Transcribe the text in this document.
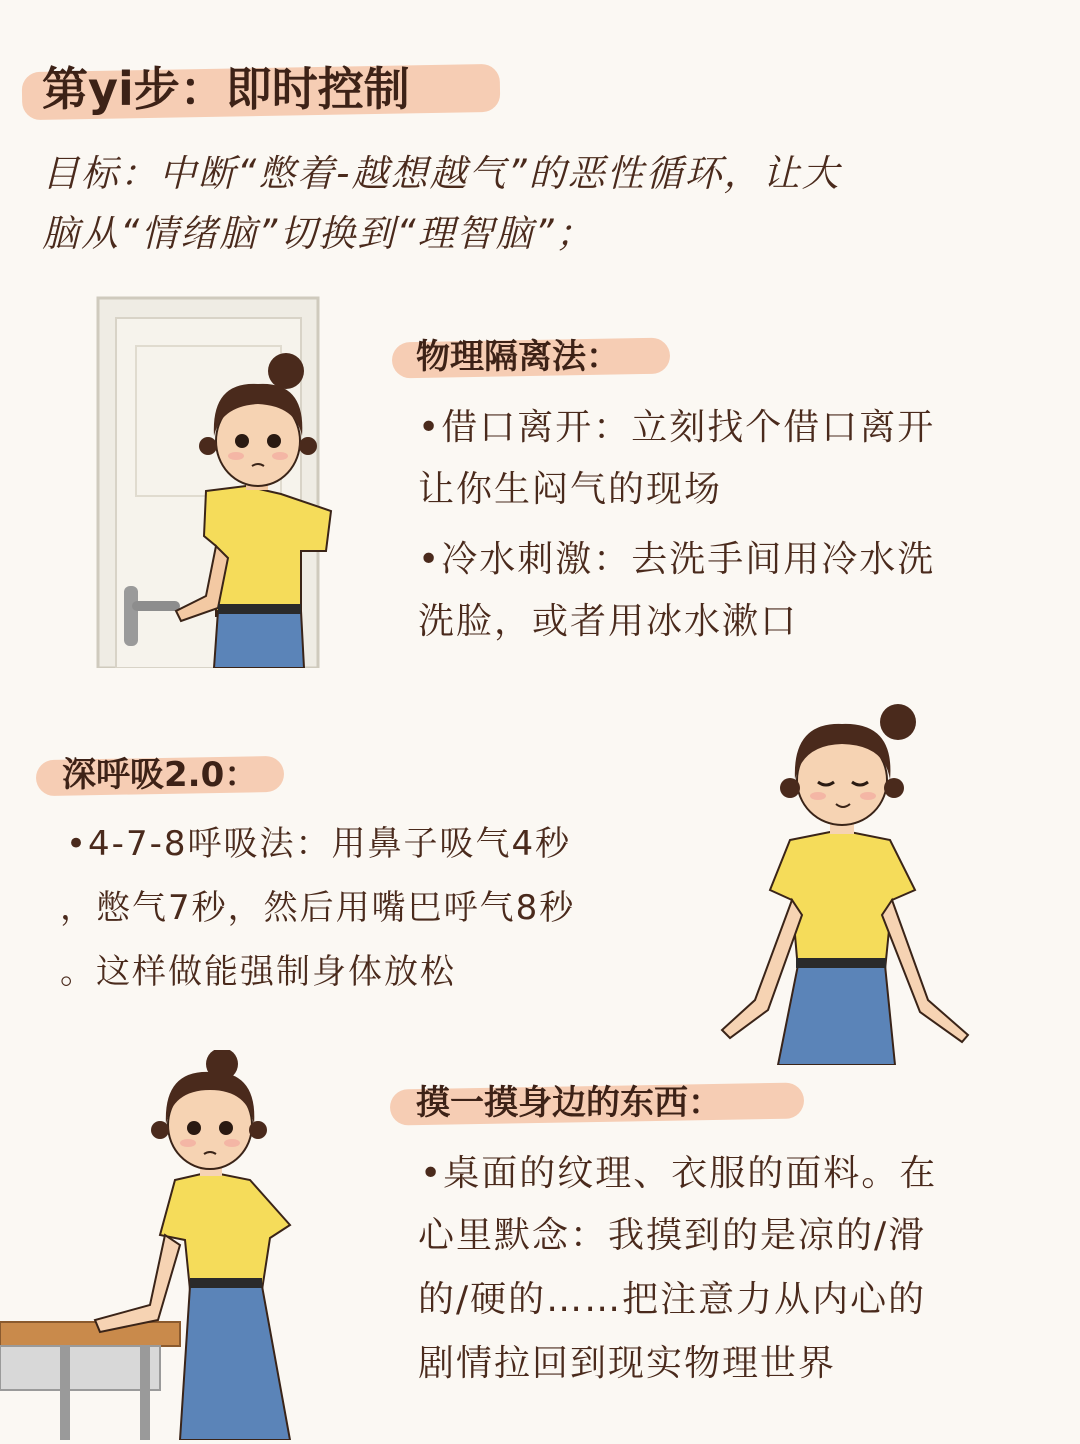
第yi步：即时控制
目标：中断“憋着-越想越气”的恶性循环，让大
脑从“情绪脑”切换到“理智脑”；
物理隔离法：
•借口离开：立刻找个借口离开
让你生闷气的现场
•冷水刺激：去洗手间用冷水洗
洗脸，或者用冰水漱口
深呼吸2.0：
•4-7-8呼吸法：用鼻子吸气4秒
，憋气7秒，然后用嘴巴呼气8秒
。这样做能强制身体放松
摸一摸身边的东西：
•桌面的纹理、衣服的面料。在
心里默念：我摸到的是凉的/滑
的/硬的……把注意力从内心的
剧情拉回到现实物理世界
